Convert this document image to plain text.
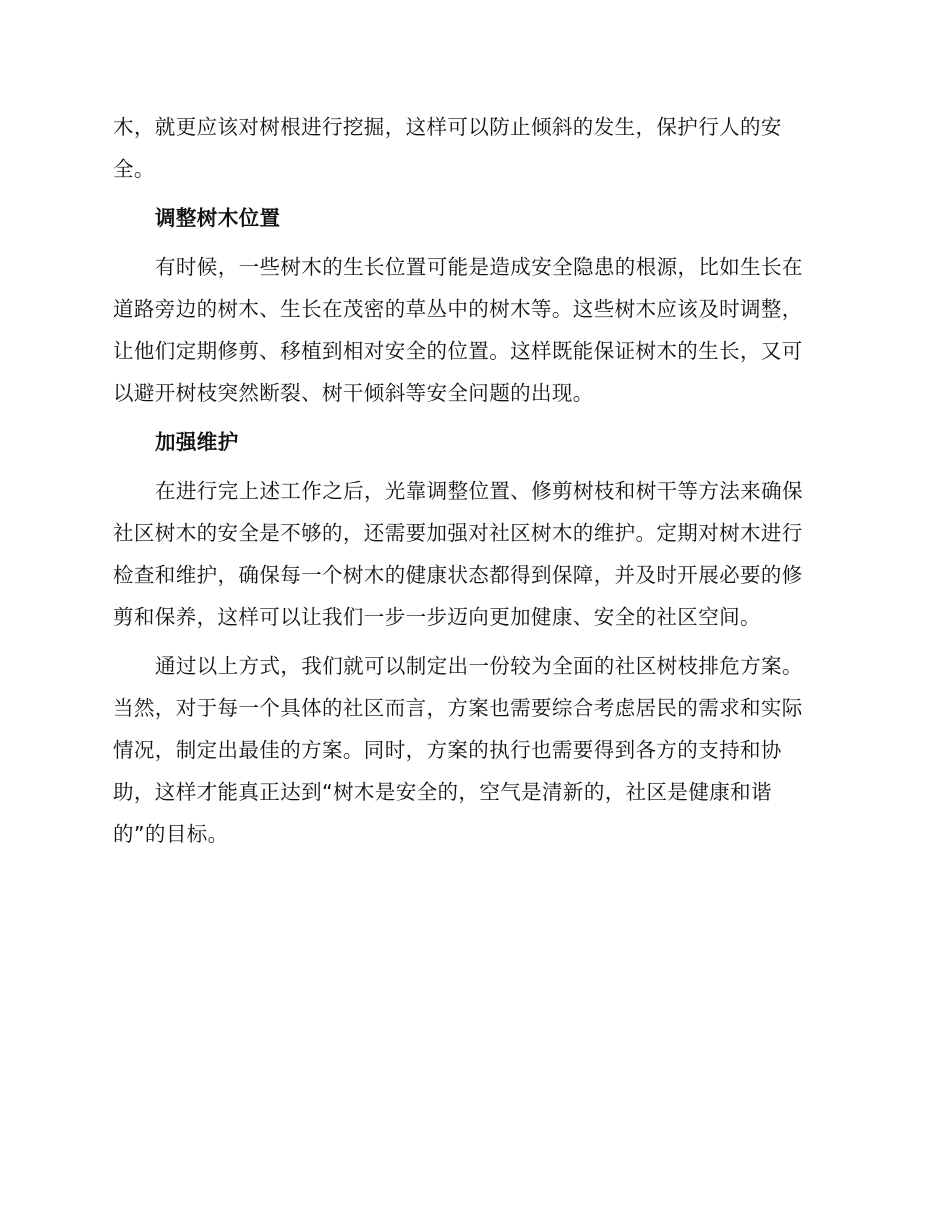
木，就更应该对树根进行挖掘，这样可以防止倾斜的发生，保护行人的安
全。

调整树木位置

有时候，一些树木的生长位置可能是造成安全隐患的根源，比如生长在
道路旁边的树木、生长在茂密的草丛中的树木等。这些树木应该及时调整，
让他们定期修剪、移植到相对安全的位置。这样既能保证树木的生长，又可
以避开树枝突然断裂、树干倾斜等安全问题的出现。

加强维护

在进行完上述工作之后，光靠调整位置、修剪树枝和树干等方法来确保
社区树木的安全是不够的，还需要加强对社区树木的维护。定期对树木进行
检查和维护，确保每一个树木的健康状态都得到保障，并及时开展必要的修
剪和保养，这样可以让我们一步一步迈向更加健康、安全的社区空间。

通过以上方式，我们就可以制定出一份较为全面的社区树枝排危方案。
当然，对于每一个具体的社区而言，方案也需要综合考虑居民的需求和实际
情况，制定出最佳的方案。同时，方案的执行也需要得到各方的支持和协
助，这样才能真正达到“树木是安全的，空气是清新的，社区是健康和谐
的”的目标。
